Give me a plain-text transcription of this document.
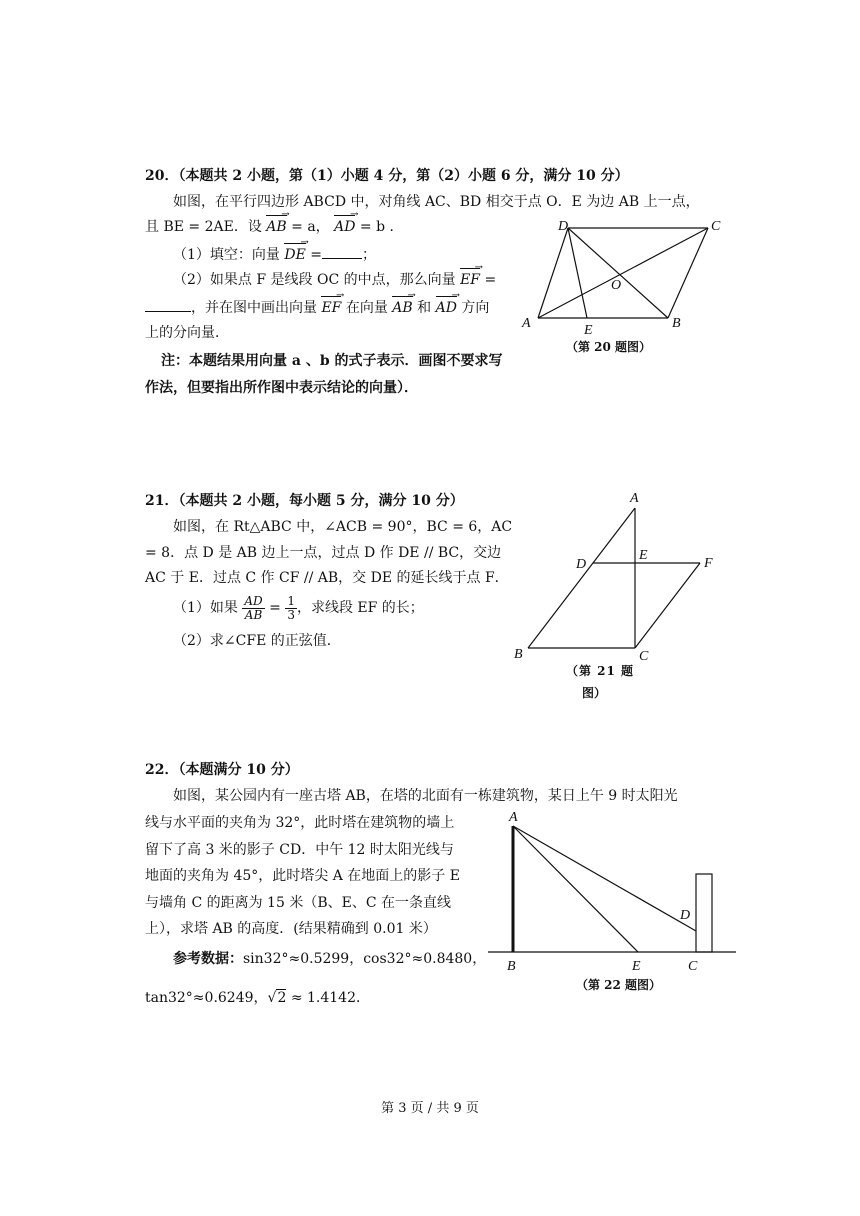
20．（本题共 2 小题，第（1）小题 4 分，第（2）小题 6 分，满分 10 分）
如图，在平行四边形 ABCD 中，对角线 AC、BD 相交于点 O．E 为边 AB 上一点，
且 BE = 2AE．设 AB → = a， AD → = b ．
（1）填空：向量 DE → =	；
（2）如果点 F 是线段 OC 的中点，那么向量 EF → =
，并在图中画出向量 EF → 在向量 AB → 和 AD → 方向
上的分向量．
注：本题结果用向量 a 、b 的式子表示．画图不要求写
作法，但要指出所作图中表示结论的向量）．
A	B
C
D
E
O
（第 20 题图）
21．（本题共 2 小题，每小题 5 分，满分 10 分）
如图，在 Rt△ABC 中，∠ACB = 90°，BC = 6，AC
= 8．点 D 是 AB 边上一点，过点 D 作 DE // BC，交边
AC 于 E．过点 C 作 CF // AB，交 DE 的延长线于点 F．
（1）如果 $\frac{AD}{AB} = \frac{1}{3}$ ，求线段 EF 的长；
（2）求∠CFE 的正弦值．
A
B	C
D
E
F
（第 21 题
图）
22．（本题满分 10 分）
如图，某公园内有一座古塔 AB，在塔的北面有一栋建筑物，某日上午 9 时太阳光
线与水平面的夹角为 32°，此时塔在建筑物的墙上
留下了高 3 米的影子 CD．中午 12 时太阳光线与
地面的夹角为 45°，此时塔尖 A 在地面上的影子 E
与墙角 C 的距离为 15 米（B、E、C 在一条直线
上），求塔 AB 的高度．(结果精确到 0.01 米）
参考数据：sin32°≈0.5299，cos32°≈0.8480，
tan32°≈0.6249，√2 ≈ 1.4142．
A
B	E	C
D
（第 22 题图）
第 3 页 / 共 9 页
